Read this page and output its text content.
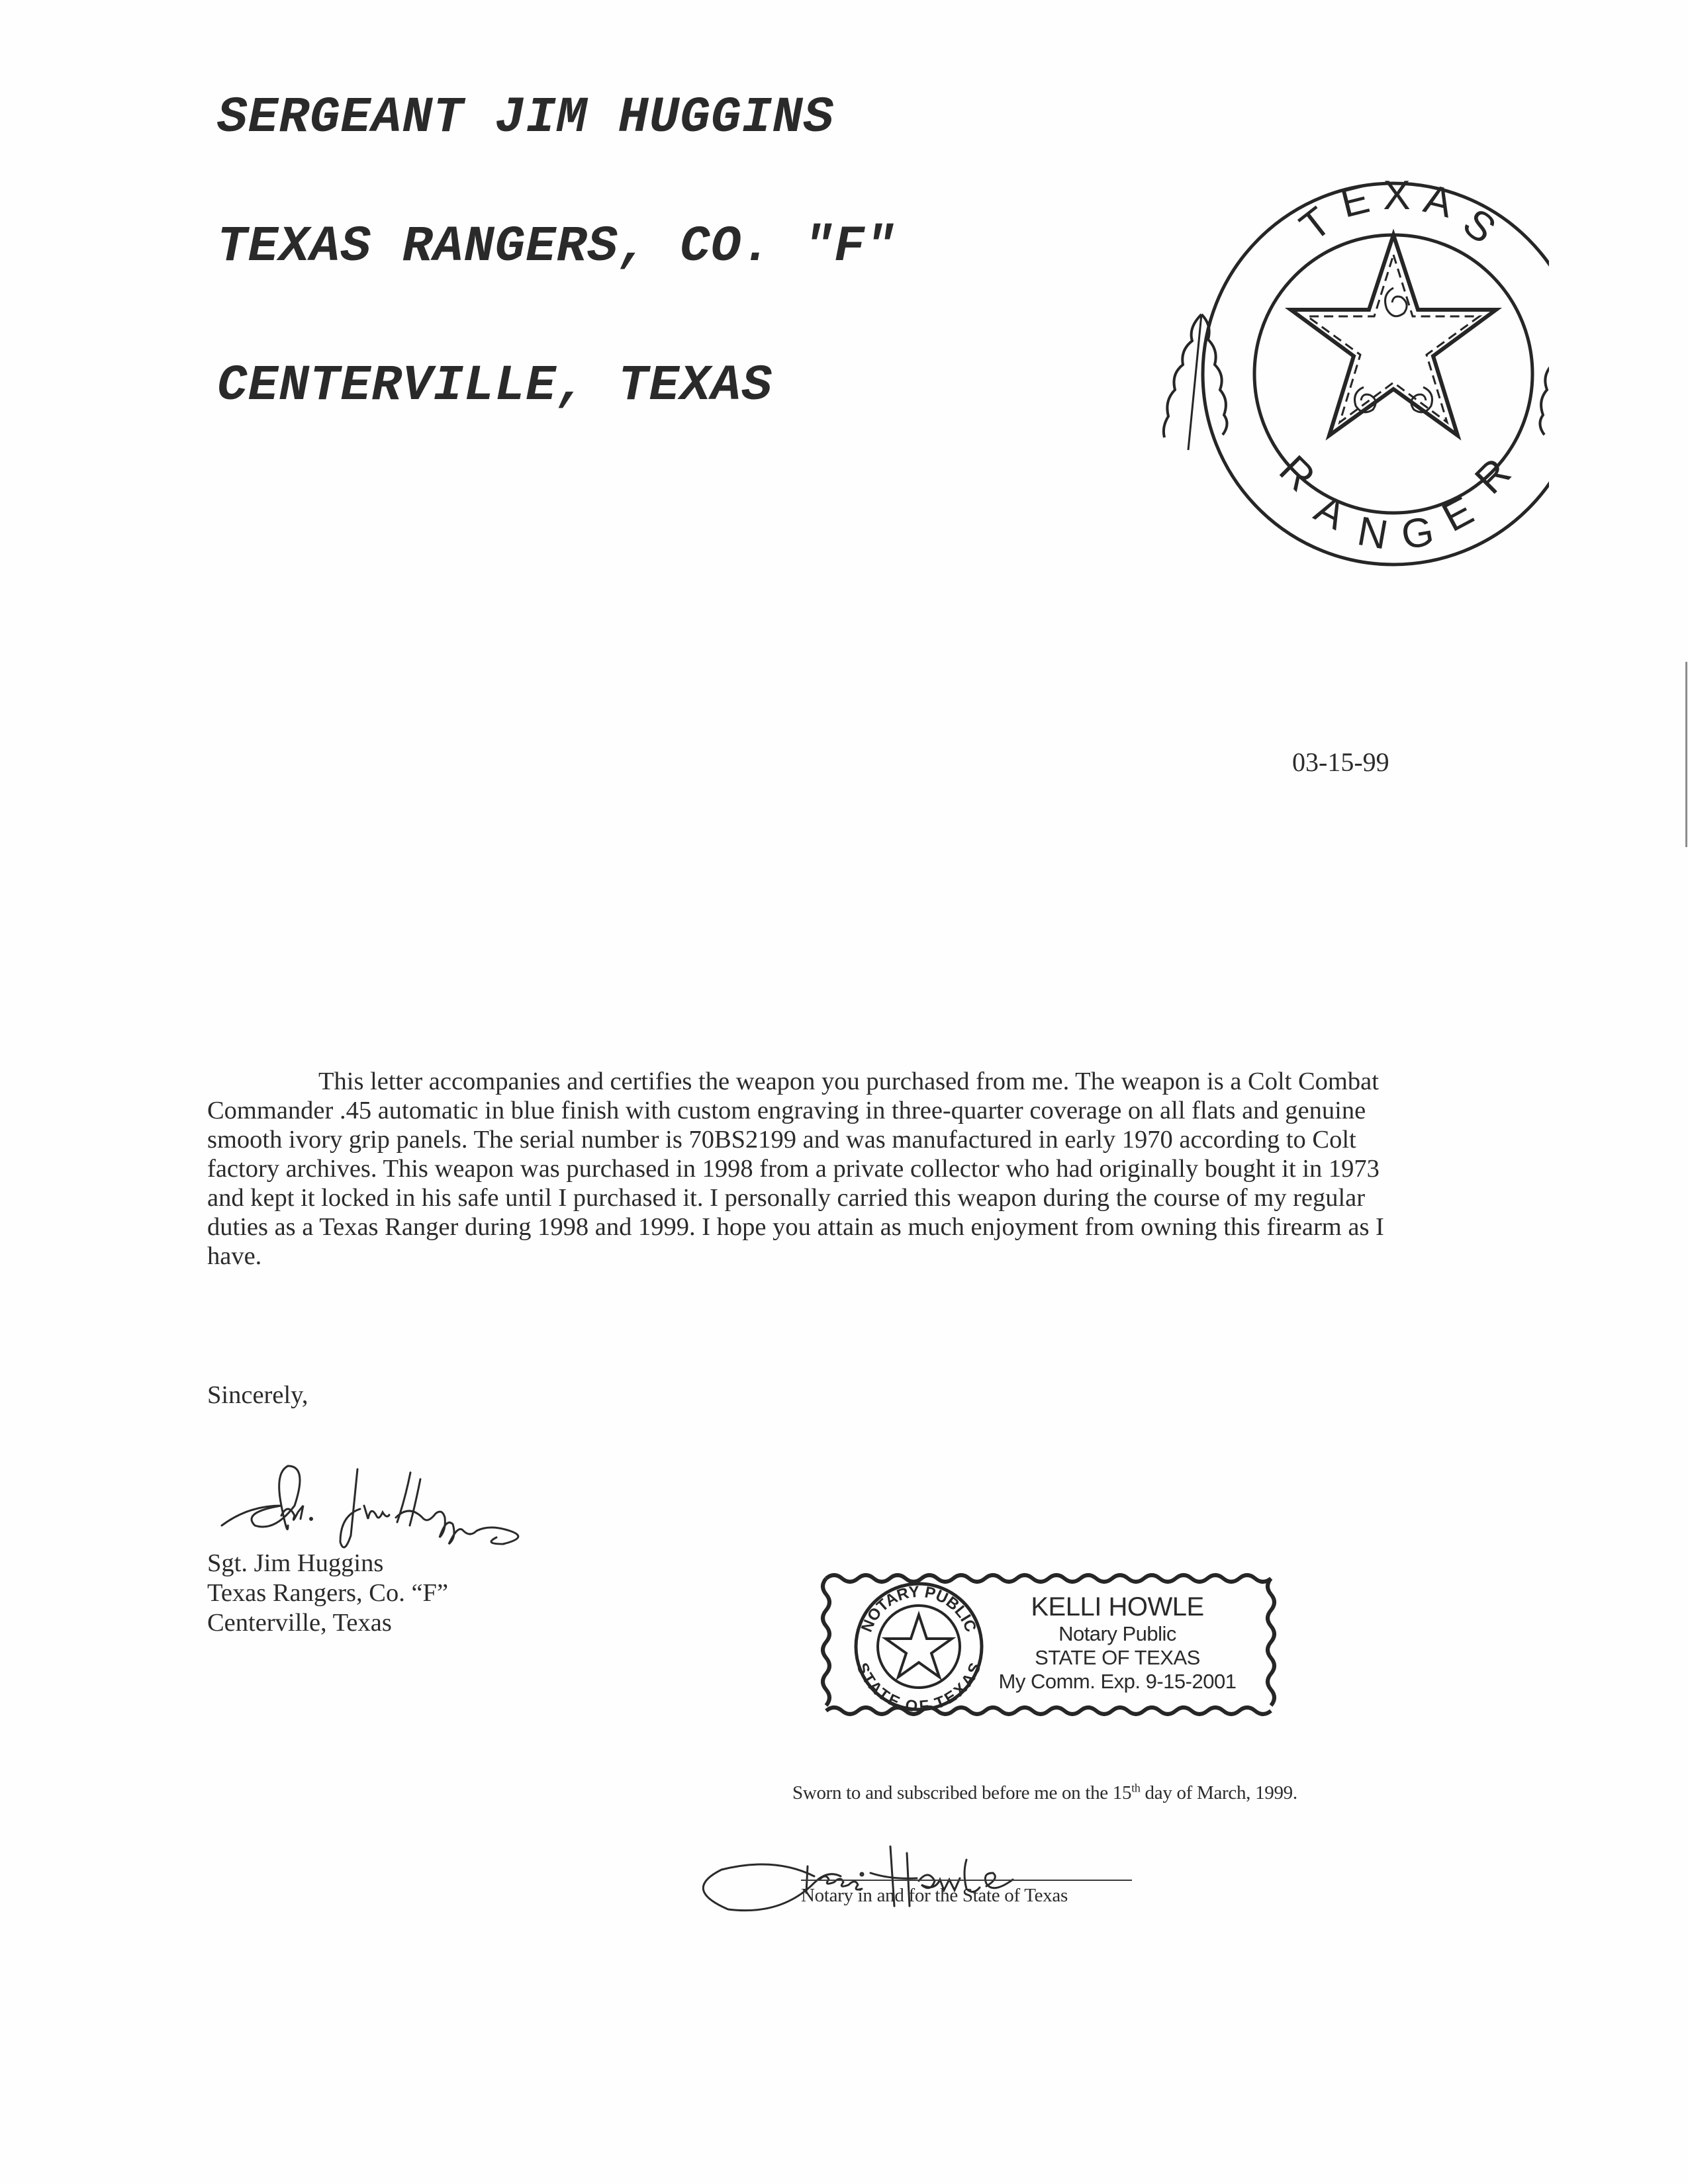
SERGEANT JIM HUGGINS
TEXAS RANGERS, CO. "F"
CENTERVILLE, TEXAS
T
E X A
S
R
A N G
E
R
03-15-99
This letter accompanies and certifies the weapon you purchased from me. The weapon is a Colt Combat
Commander .45 automatic in blue finish with custom engraving in three-quarter coverage on all flats and genuine
smooth ivory grip panels. The serial number is 70BS2199 and was manufactured in early 1970 according to Colt
factory archives. This weapon was purchased in 1998 from a private collector who had originally bought it in 1973
and kept it locked in his safe until I purchased it. I personally carried this weapon during the course of my regular
duties as a Texas Ranger during 1998 and 1999. I hope you attain as much enjoyment from owning this firearm as I
have.
Sincerely,
Sgt. Jim Huggins
Texas Rangers, Co. “F”
Centerville, Texas	NOTARY PUBLIC
STATE OF TEXAS
KELLI HOWLE
Notary Public
STATE OF TEXAS
My Comm. Exp. 9-15-2001
Sworn to and subscribed before me on the 15th day of March, 1999.
Notary in and for the State of Texas
